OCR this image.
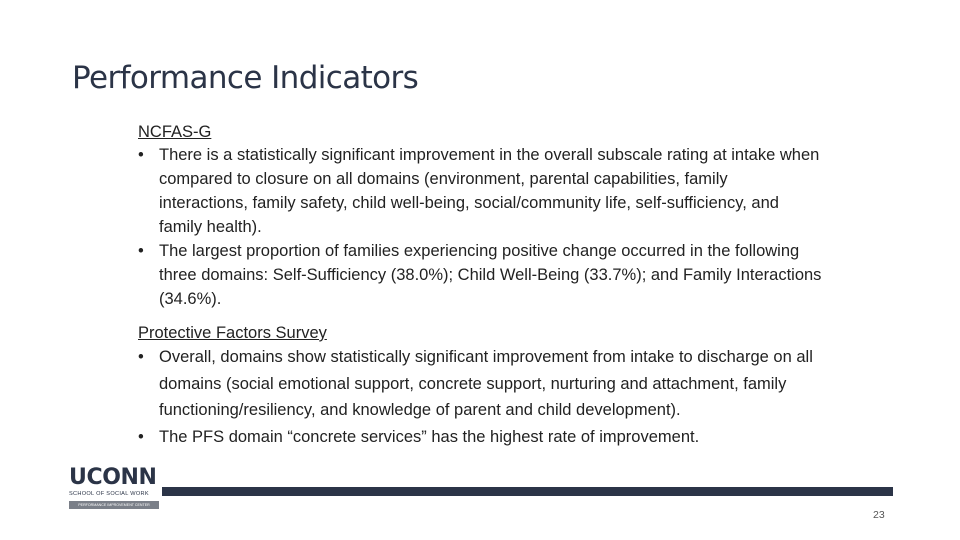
Performance Indicators
NCFAS-G
• There is a statistically significant improvement in the overall subscale rating at intake when
compared to closure on all domains (environment, parental capabilities, family
interactions, family safety, child well-being, social/community life, self-sufficiency, and
family health).
• The largest proportion of families experiencing positive change occurred in the following
three domains: Self-Sufficiency (38.0%); Child Well-Being (33.7%); and Family Interactions
(34.6%).
Protective Factors Survey
• Overall, domains show statistically significant improvement from intake to discharge on all
domains (social emotional support, concrete support, nurturing and attachment, family
functioning/resiliency, and knowledge of parent and child development).
• The PFS domain “concrete services” has the highest rate of improvement.
UCONN
SCHOOL OF SOCIAL WORK
PERFORMANCE IMPROVEMENT CENTER
23
